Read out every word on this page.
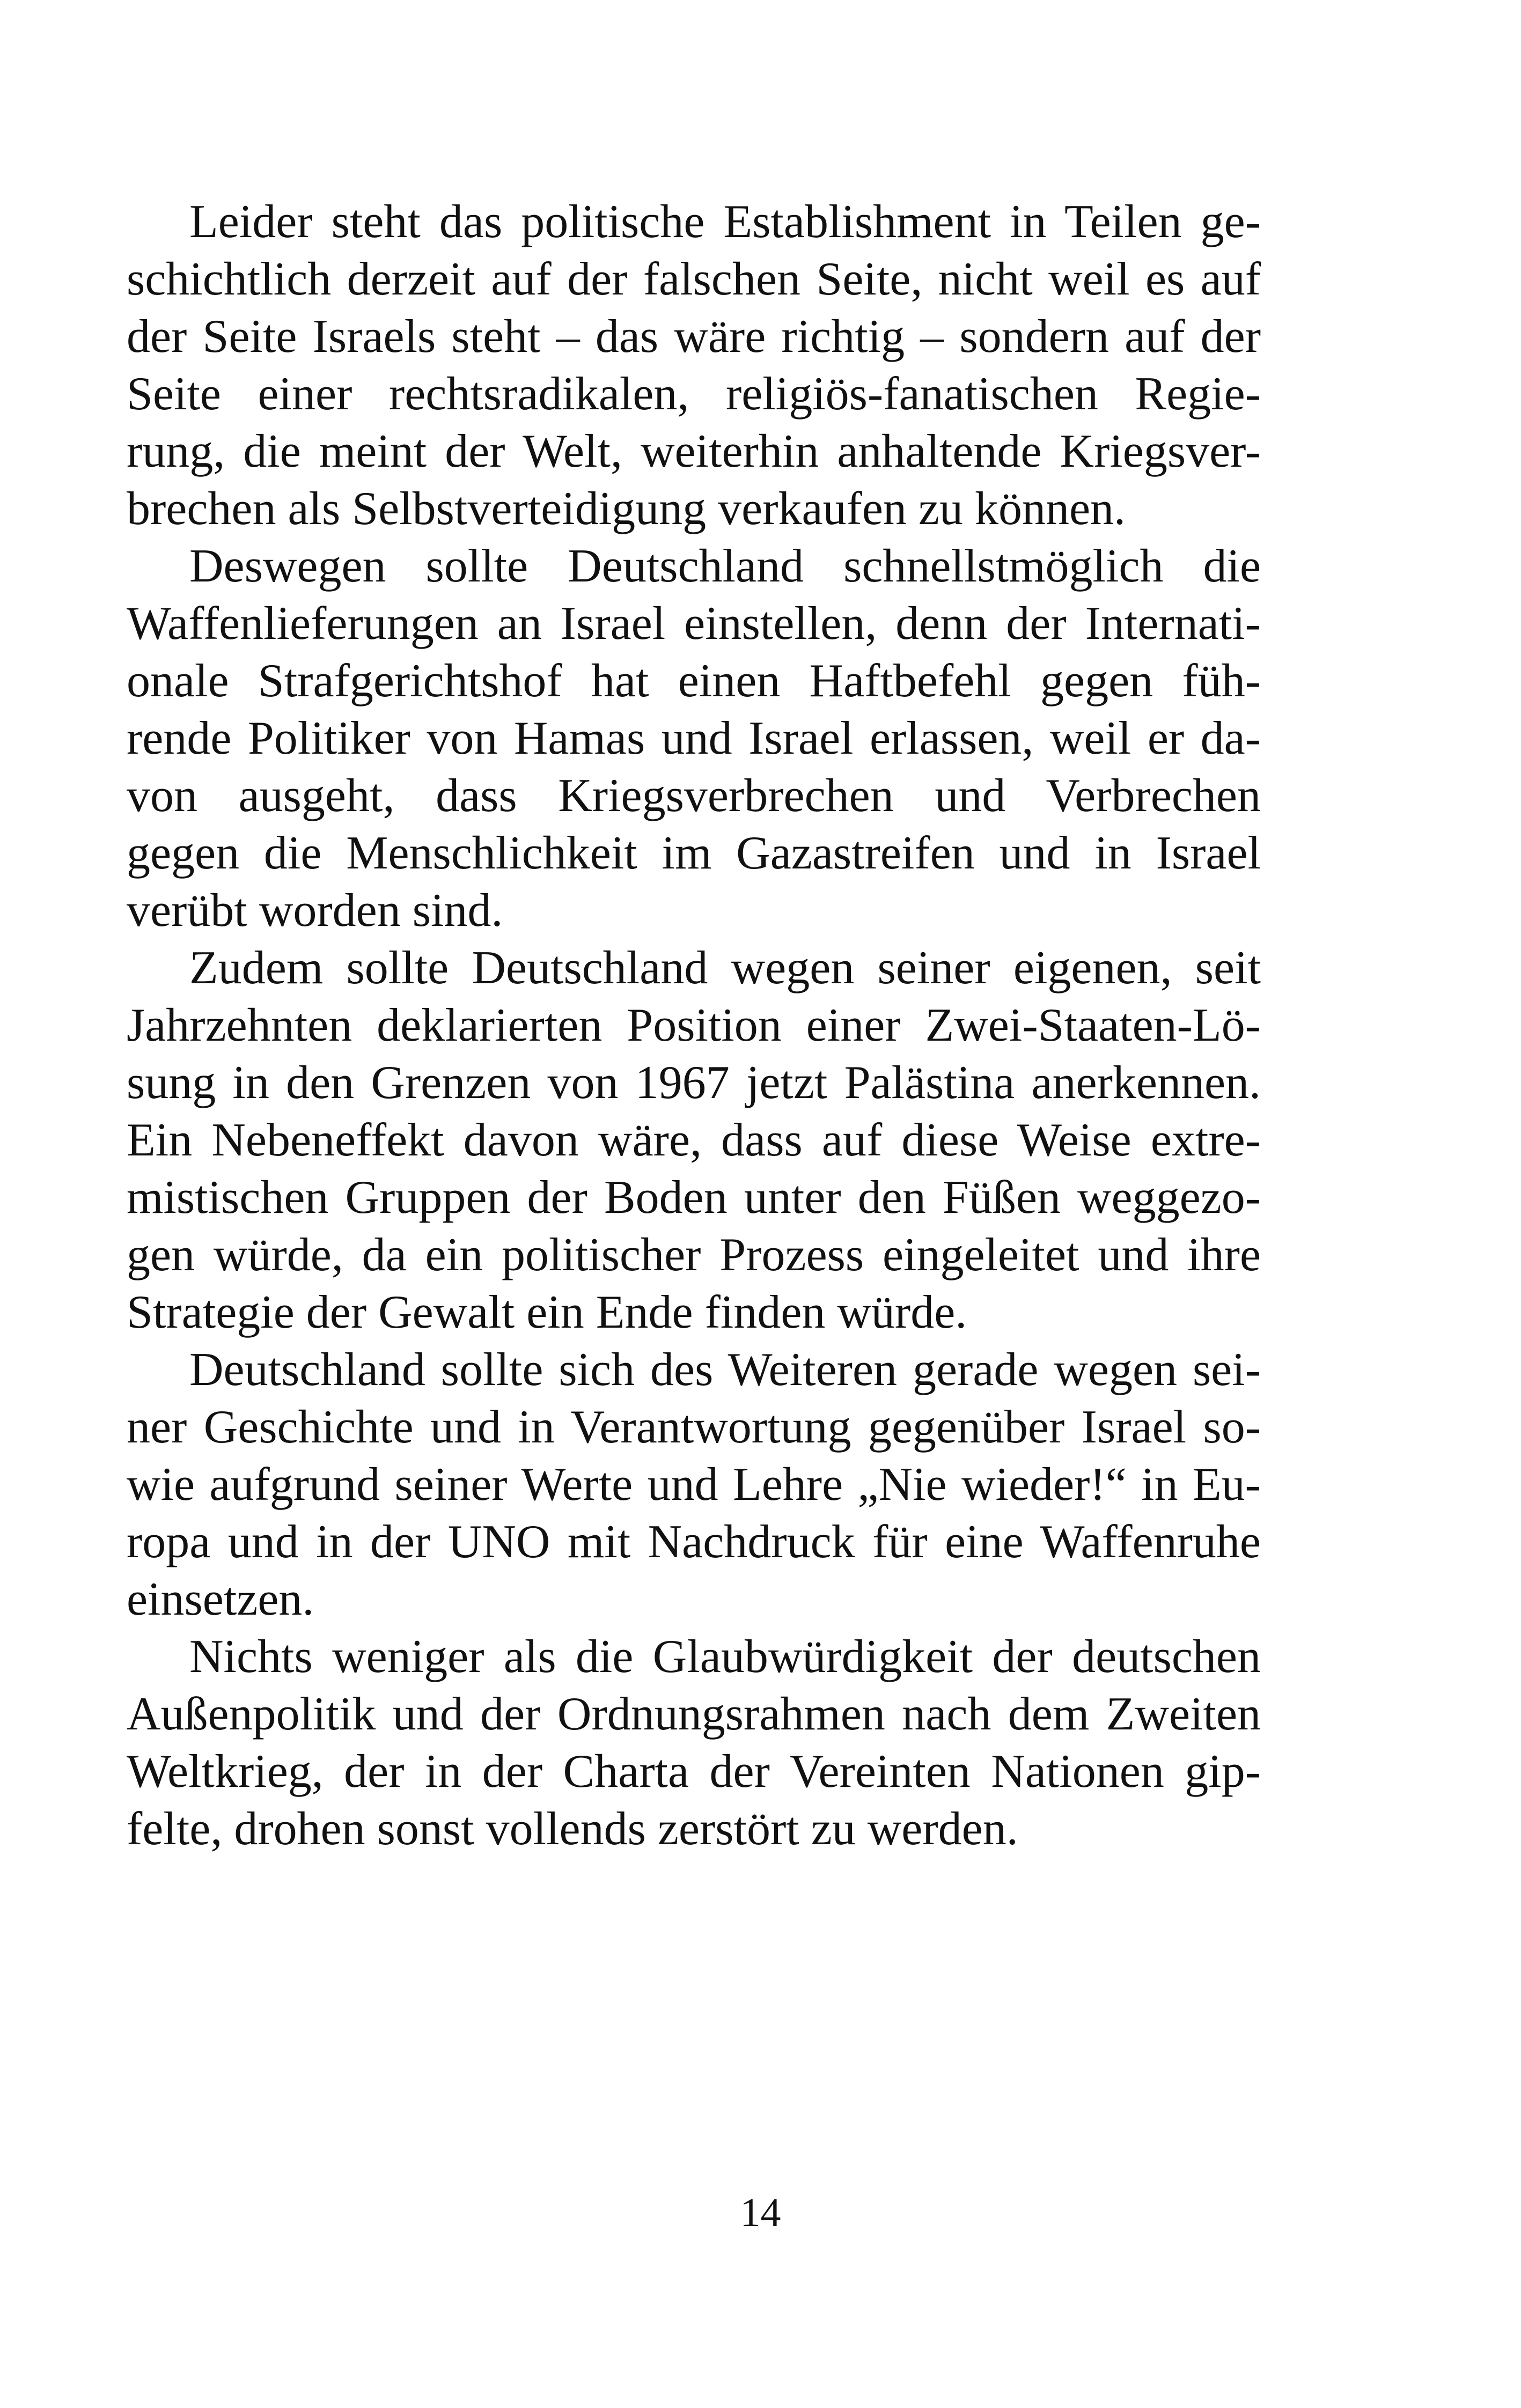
Leider steht das politische Establishment in Teilen ge-
schichtlich derzeit auf der falschen Seite, nicht weil es auf
der Seite Israels steht – das wäre richtig – sondern auf der
Seite einer rechtsradikalen, religiös-fanatischen Regie-
rung, die meint der Welt, weiterhin anhaltende Kriegsver-
brechen als Selbstverteidigung verkaufen zu können.

Deswegen sollte Deutschland schnellstmöglich die
Waffenlieferungen an Israel einstellen, denn der Internati-
onale Strafgerichtshof hat einen Haftbefehl gegen füh-
rende Politiker von Hamas und Israel erlassen, weil er da-
von ausgeht, dass Kriegsverbrechen und Verbrechen
gegen die Menschlichkeit im Gazastreifen und in Israel
verübt worden sind.

Zudem sollte Deutschland wegen seiner eigenen, seit
Jahrzehnten deklarierten Position einer Zwei-Staaten-Lö-
sung in den Grenzen von 1967 jetzt Palästina anerkennen.
Ein Nebeneffekt davon wäre, dass auf diese Weise extre-
mistischen Gruppen der Boden unter den Füßen weggezo-
gen würde, da ein politischer Prozess eingeleitet und ihre
Strategie der Gewalt ein Ende finden würde.

Deutschland sollte sich des Weiteren gerade wegen sei-
ner Geschichte und in Verantwortung gegenüber Israel so-
wie aufgrund seiner Werte und Lehre „Nie wieder!“ in Eu-
ropa und in der UNO mit Nachdruck für eine Waffenruhe
einsetzen.

Nichts weniger als die Glaubwürdigkeit der deutschen
Außenpolitik und der Ordnungsrahmen nach dem Zweiten
Weltkrieg, der in der Charta der Vereinten Nationen gip-
felte, drohen sonst vollends zerstört zu werden.

14
